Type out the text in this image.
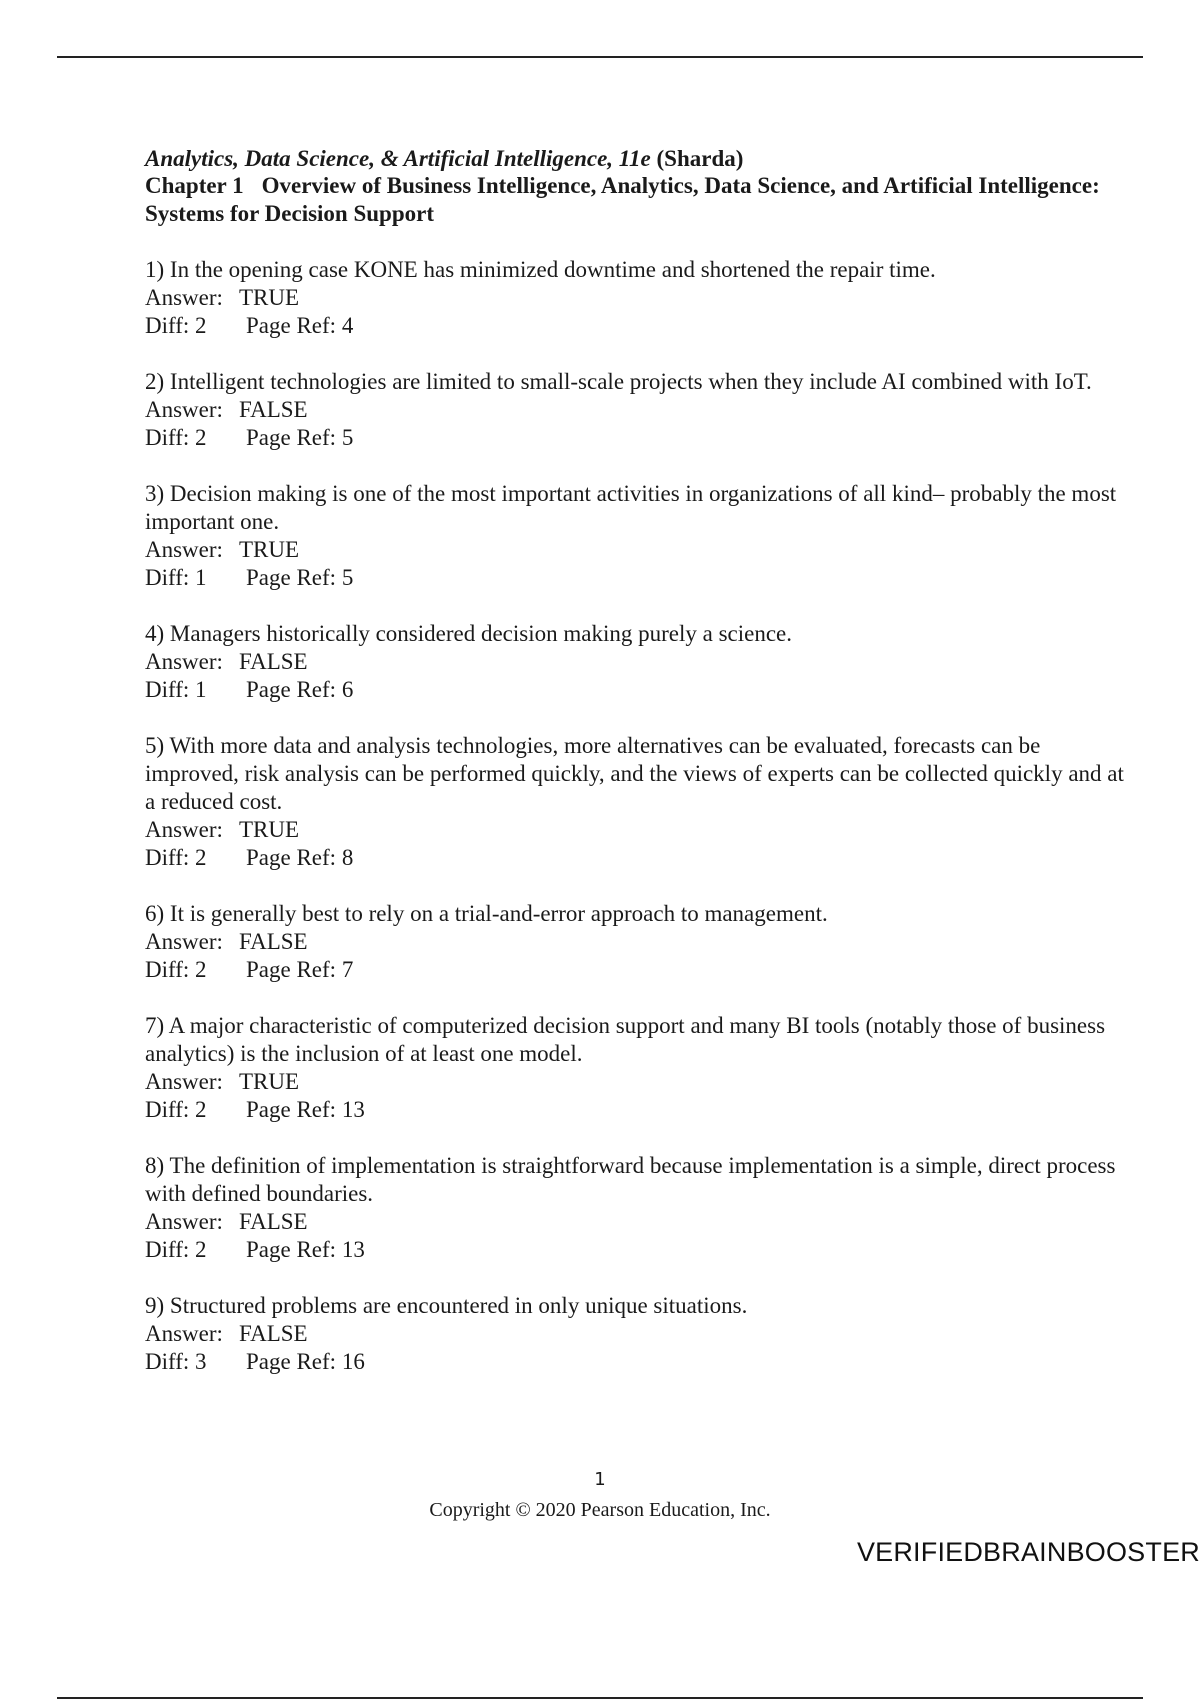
Analytics, Data Science, & Artificial Intelligence, 11e (Sharda)

Chapter 1 Overview of Business Intelligence, Analytics, Data Science, and Artificial Intelligence: Systems for Decision Support

1) In the opening case KONE has minimized downtime and shortened the repair time.

Answer: TRUE

Diff: 2 Page Ref: 4

2) Intelligent technologies are limited to small-scale projects when they include AI combined with IoT.

Answer: FALSE

Diff: 2 Page Ref: 5

3) Decision making is one of the most important activities in organizations of all kind– probably the most important one.

Answer: TRUE

Diff: 1 Page Ref: 5

4) Managers historically considered decision making purely a science.

Answer: FALSE

Diff: 1 Page Ref: 6

5) With more data and analysis technologies, more alternatives can be evaluated, forecasts can be improved, risk analysis can be performed quickly, and the views of experts can be collected quickly and at a reduced cost.

Answer: TRUE

Diff: 2 Page Ref: 8

6) It is generally best to rely on a trial-and-error approach to management.

Answer: FALSE

Diff: 2 Page Ref: 7

7) A major characteristic of computerized decision support and many BI tools (notably those of business analytics) is the inclusion of at least one model.

Answer: TRUE

Diff: 2 Page Ref: 13

8) The definition of implementation is straightforward because implementation is a simple, direct process with defined boundaries.

Answer: FALSE

Diff: 2 Page Ref: 13

9) Structured problems are encountered in only unique situations.

Answer: FALSE

Diff: 3 Page Ref: 16

1
Copyright © 2020 Pearson Education, Inc.
VERIFIEDBRAINBOOSTER
